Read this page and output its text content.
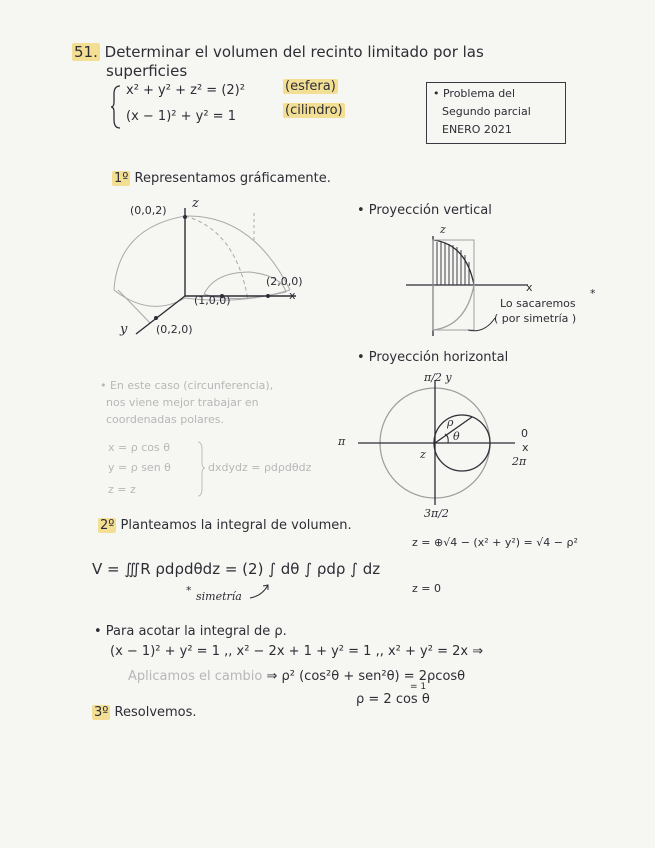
51. Determinar el volumen del recinto limitado por las
superficies
x² + y² + z² = (2)²	(esfera)
(x − 1)² + y² = 1	(cilindro)
• Problema del
Segundo parcial
ENERO 2021
1º Representamos gráficamente.
(0,0,2) z
(2,0,0)
(1,0,0)	x
y	(0,2,0)
• Proyección vertical
z
x
Lo sacaremos
( por simetría )
*
• Proyección horizontal
π/2 y
π
0
x
2π
3π/2
ρ
θ
z
• En este caso (circunferencia),
nos viene mejor trabajar en
coordenadas polares.
x = ρ cos θ
y = ρ sen θ
z = z
dxdydz = ρdρdθdz
2º Planteamos la integral de volumen.
z = ⊕√4 − (x² + y²) = √4 − ρ²
V = ∭R ρdρdθdz = (2) ∫ dθ ∫ ρdρ ∫ dz
z = 0
* simetría
• Para acotar la integral de ρ.
(x − 1)² + y² = 1 ,, x² − 2x + 1 + y² = 1 ,, x² + y² = 2x ⇒
Aplicamos el cambio ⇒ ρ² (cos²θ + sen²θ) = 2ρcosθ
= 1
ρ = 2 cos θ
3º Resolvemos.
